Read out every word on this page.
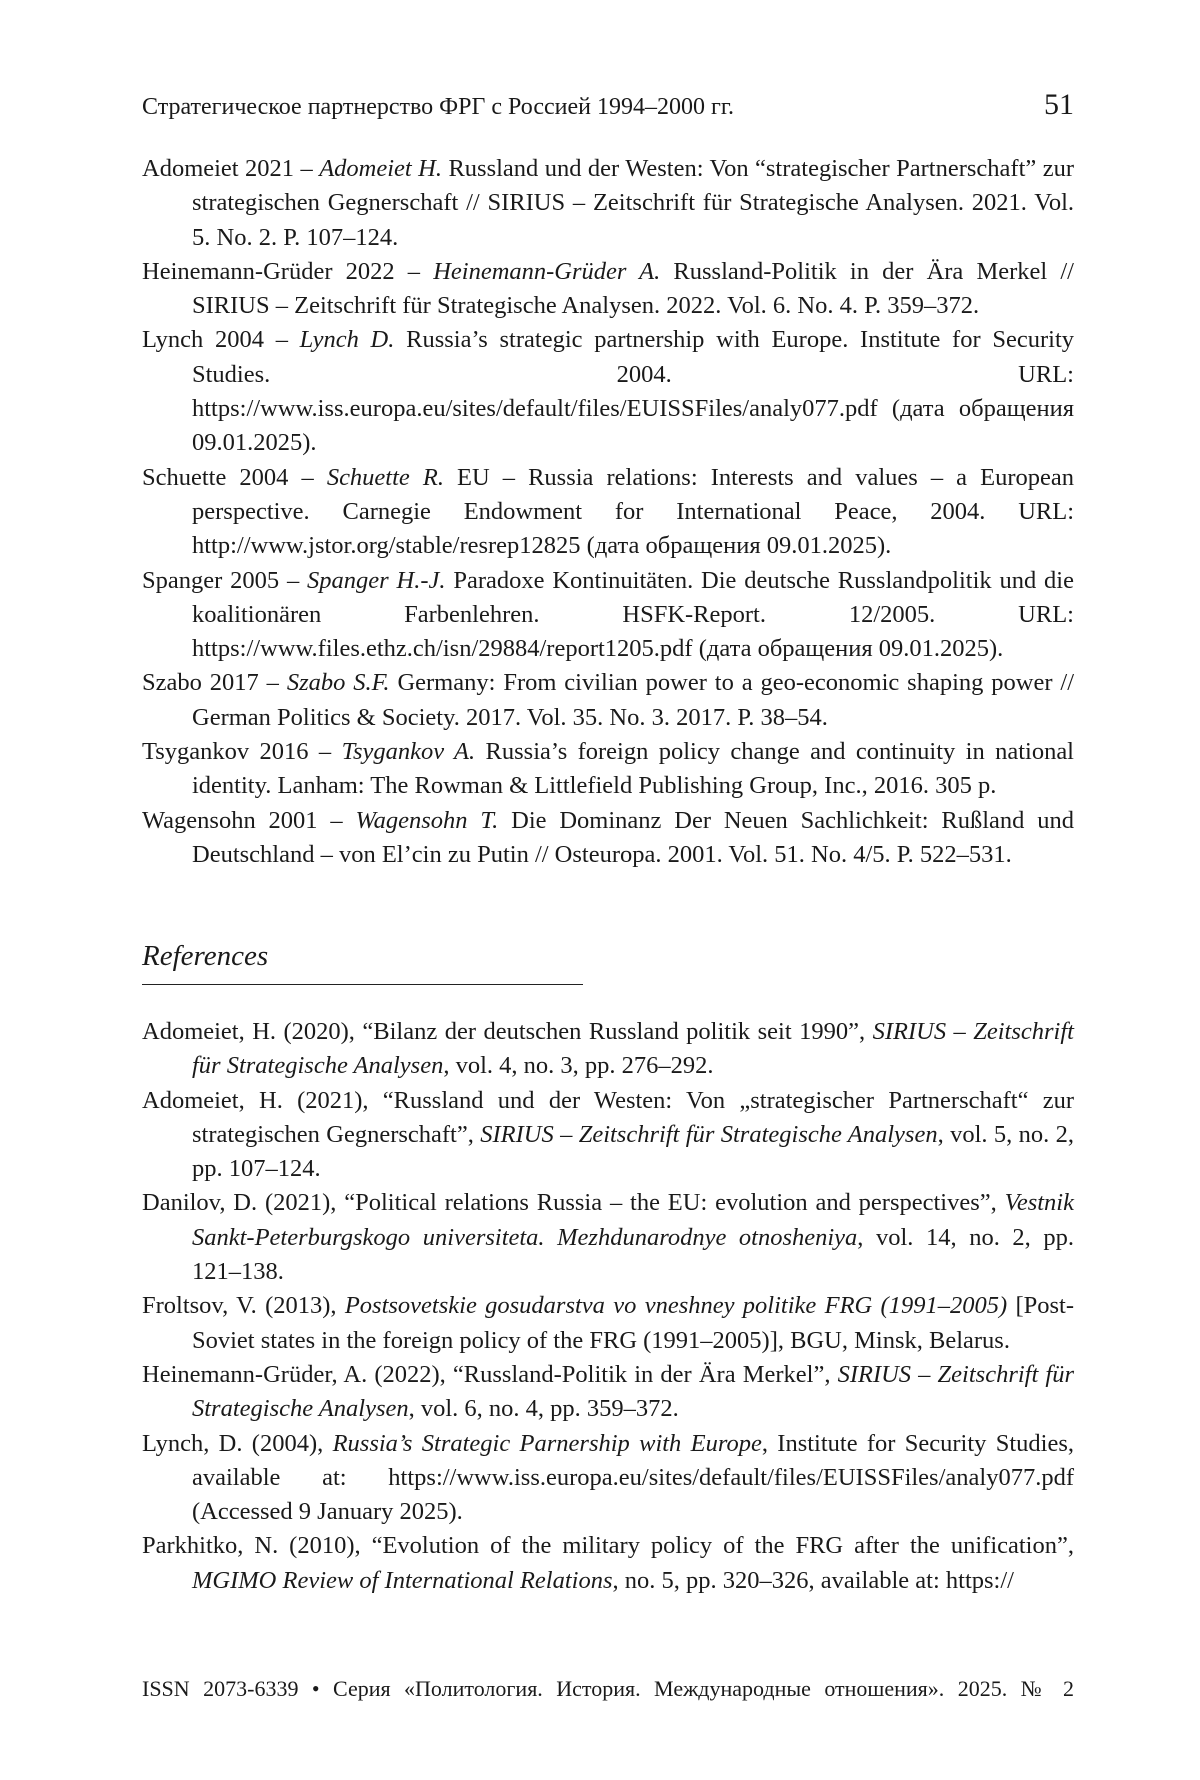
Стратегическое партнерство ФРГ с Россией 1994–2000 гг.	51

Adomeiet 2021 – Adomeiet H. Russland und der Westen: Von “strategischer Partnerschaft” zur strategischen Gegnerschaft // SIRIUS – Zeitschrift für Strategische Analysen. 2021. Vol. 5. No. 2. P. 107–124.

Heinemann-Grüder 2022 – Heinemann-Grüder A. Russland-Politik in der Ära Merkel // SIRIUS – Zeitschrift für Strategische Analysen. 2022. Vol. 6. No. 4. P. 359–372.

Lynch 2004 – Lynch D. Russia’s strategic partnership with Europe. Institute for Security Studies. 2004. URL: https://www.iss.europa.eu/sites/default/files/EUISSFiles/analy077.pdf (дата обращения 09.01.2025).

Schuette 2004 – Schuette R. EU – Russia relations: Interests and values – a European perspective. Carnegie Endowment for International Peace, 2004. URL: http://www.jstor.org/stable/resrep12825 (дата обращения 09.01.2025).

Spanger 2005 – Spanger H.-J. Paradoxe Kontinuitäten. Die deutsche Russlandpolitik und die koalitionären Farbenlehren. HSFK-Report. 12/2005. URL: https://www.files.ethz.ch/isn/29884/report1205.pdf (дата обращения 09.01.2025).

Szabo 2017 – Szabo S.F. Germany: From civilian power to a geo-economic shaping power // German Politics & Society. 2017. Vol. 35. No. 3. 2017. P. 38–54.

Tsygankov 2016 – Tsygankov A. Russia’s foreign policy change and continuity in national identity. Lanham: The Rowman & Littlefield Publishing Group, Inc., 2016. 305 p.

Wagensohn 2001 – Wagensohn T. Die Dominanz Der Neuen Sachlichkeit: Rußland und Deutschland – von El’cin zu Putin // Osteuropa. 2001. Vol. 51. No. 4/5. P. 522–531.

References

Adomeiet, H. (2020), “Bilanz der deutschen Russland politik seit 1990”, SIRIUS – Zeitschrift für Strategische Analysen, vol. 4, no. 3, pp. 276–292.

Adomeiet, H. (2021), “Russland und der Westen: Von „strategischer Partnerschaft“ zur strategischen Gegnerschaft”, SIRIUS – Zeitschrift für Strategische Analysen, vol. 5, no. 2, pp. 107–124.

Danilov, D. (2021), “Political relations Russia – the EU: evolution and perspectives”, Vestnik Sankt-Peterburgskogo universiteta. Mezhdunarodnye otnosheniya, vol. 14, no. 2, pp. 121–138.

Froltsov, V. (2013), Postsovetskie gosudarstva vo vneshney politike FRG (1991–2005) [Post-Soviet states in the foreign policy of the FRG (1991–2005)], BGU, Minsk, Belarus.

Heinemann-Grüder, A. (2022), “Russland-Politik in der Ära Merkel”, SIRIUS – Zeitschrift für Strategische Analysen, vol. 6, no. 4, pp. 359–372.

Lynch, D. (2004), Russia’s Strategic Parnership with Europe, Institute for Security Studies, available at: https://www.iss.europa.eu/sites/default/files/EUISSFiles/analy077.pdf (Accessed 9 January 2025).

Parkhitko, N. (2010), “Evolution of the military policy of the FRG after the unification”, MGIMO Review of International Relations, no. 5, pp. 320–326, available at: https://

ISSN 2073-6339 • Серия «Политология. История. Международные отношения». 2025. № 2
